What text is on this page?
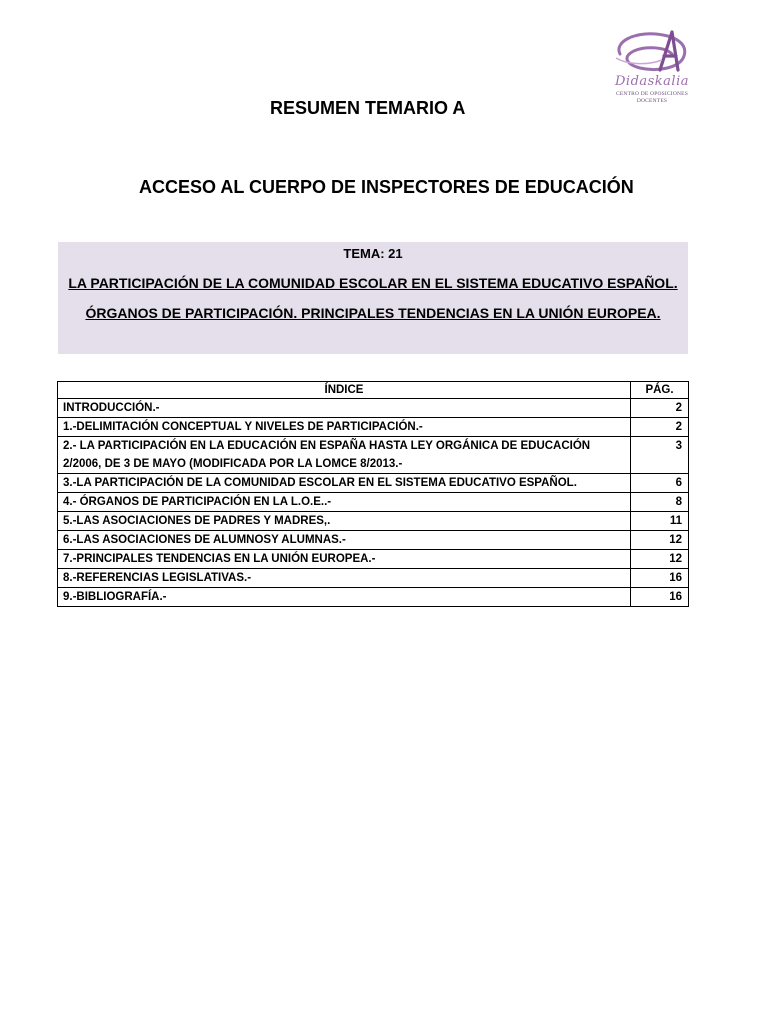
Didaskalia
CENTRO DE OPOSICIONES
DOCENTES
RESUMEN TEMARIO A
ACCESO AL CUERPO DE INSPECTORES DE EDUCACIÓN
TEMA: 21
LA PARTICIPACIÓN DE LA COMUNIDAD ESCOLAR EN EL SISTEMA EDUCATIVO ESPAÑOL. ÓRGANOS DE PARTICIPACIÓN. PRINCIPALES TENDENCIAS EN LA UNIÓN EUROPEA.
ÍNDICE	PÁG.
INTRODUCCIÓN.-	2
1.-DELIMITACIÓN CONCEPTUAL Y NIVELES DE PARTICIPACIÓN.-	2
2.- LA PARTICIPACIÓN EN LA EDUCACIÓN EN ESPAÑA HASTA LEY ORGÁNICA DE EDUCACIÓN 2/2006, DE 3 DE MAYO (MODIFICADA POR LA LOMCE 8/2013.-	3
3.-LA PARTICIPACIÓN DE LA COMUNIDAD ESCOLAR EN EL SISTEMA EDUCATIVO ESPAÑOL.	6
4.- ÓRGANOS DE PARTICIPACIÓN EN LA L.O.E..-	8
5.-LAS ASOCIACIONES DE PADRES Y MADRES,.	11
6.-LAS ASOCIACIONES DE ALUMNOSY ALUMNAS.-	12
7.-PRINCIPALES TENDENCIAS EN LA UNIÓN EUROPEA.-	12
8.-REFERENCIAS LEGISLATIVAS.-	16
9.-BIBLIOGRAFÍA.-	16
